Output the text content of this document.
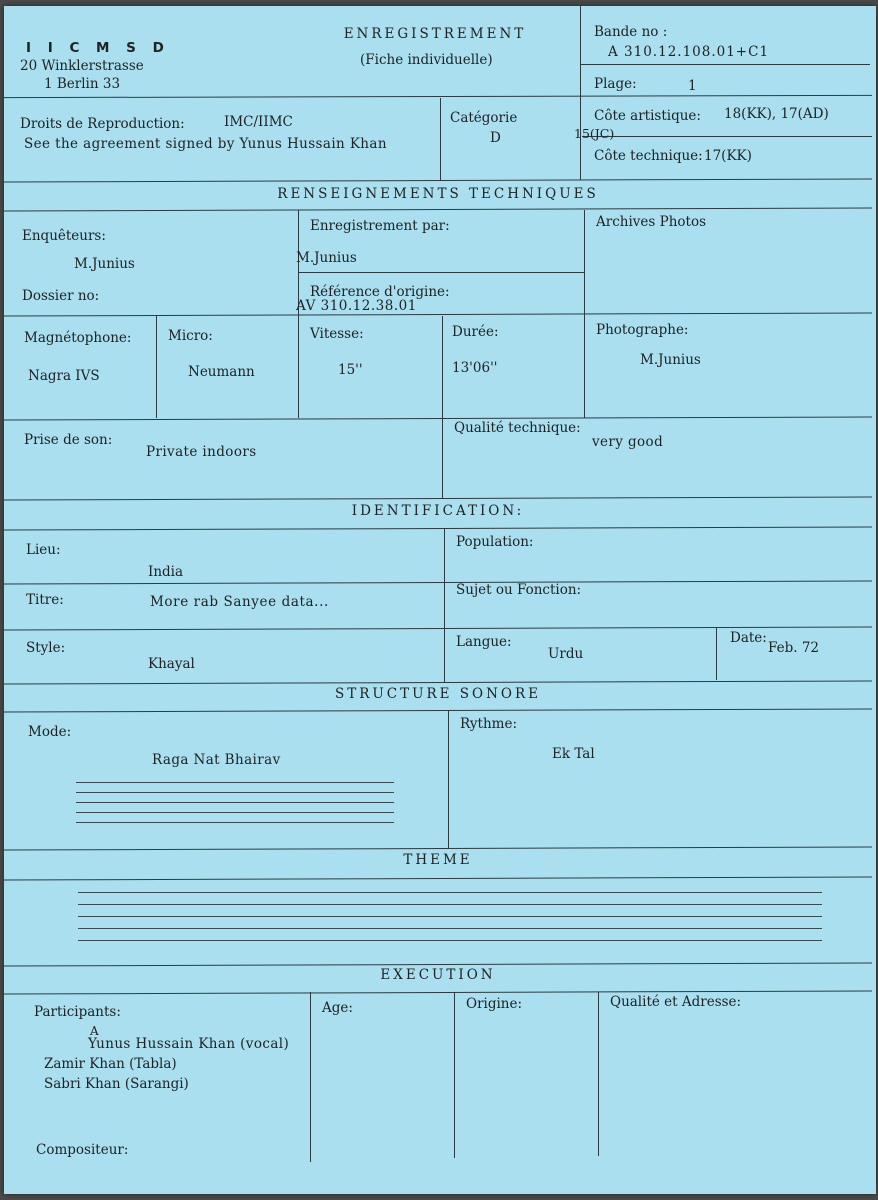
I I C M S D
20 Winklerstrasse
1 Berlin 33
ENREGISTREMENT
(Fiche individuelle)
Bande no :
A 310.12.108.01+C1
Plage:	1
Droits de Reproduction:	IMC/IIMC
See the agreement signed by Yunus Hussain Khan
Catégorie
D
Côte artistique: 18(KK), 17(AD)
15(JC)
Côte technique: 17(KK)
RENSEIGNEMENTS TECHNIQUES
Enquêteurs:
M.Junius
Dossier no:
Enregistrement par:
M.Junius
Référence d'origine:
AV 310.12.38.01
Archives Photos
Magnétophone:
Nagra IVS
Micro:
Neumann
Vitesse:
15''
Durée:
13'06''
Photographe:
M.Junius
Prise de son:
Private indoors
Qualité technique:
very good
IDENTIFICATION:
Lieu:
India
Population:
Titre:	More rab Sanyee data...
Sujet ou Fonction:
Style:
Khayal
Langue:
Urdu
Date:
Feb. 72
STRUCTURE SONORE
Mode:
Raga Nat Bhairav
Rythme:
Ek Tal
THEME
EXECUTION
Participants:	Age:	Origine:	Qualité et Adresse:
A
Yunus Hussain Khan (vocal)
Zamir Khan (Tabla)
Sabri Khan (Sarangi)
Compositeur:
